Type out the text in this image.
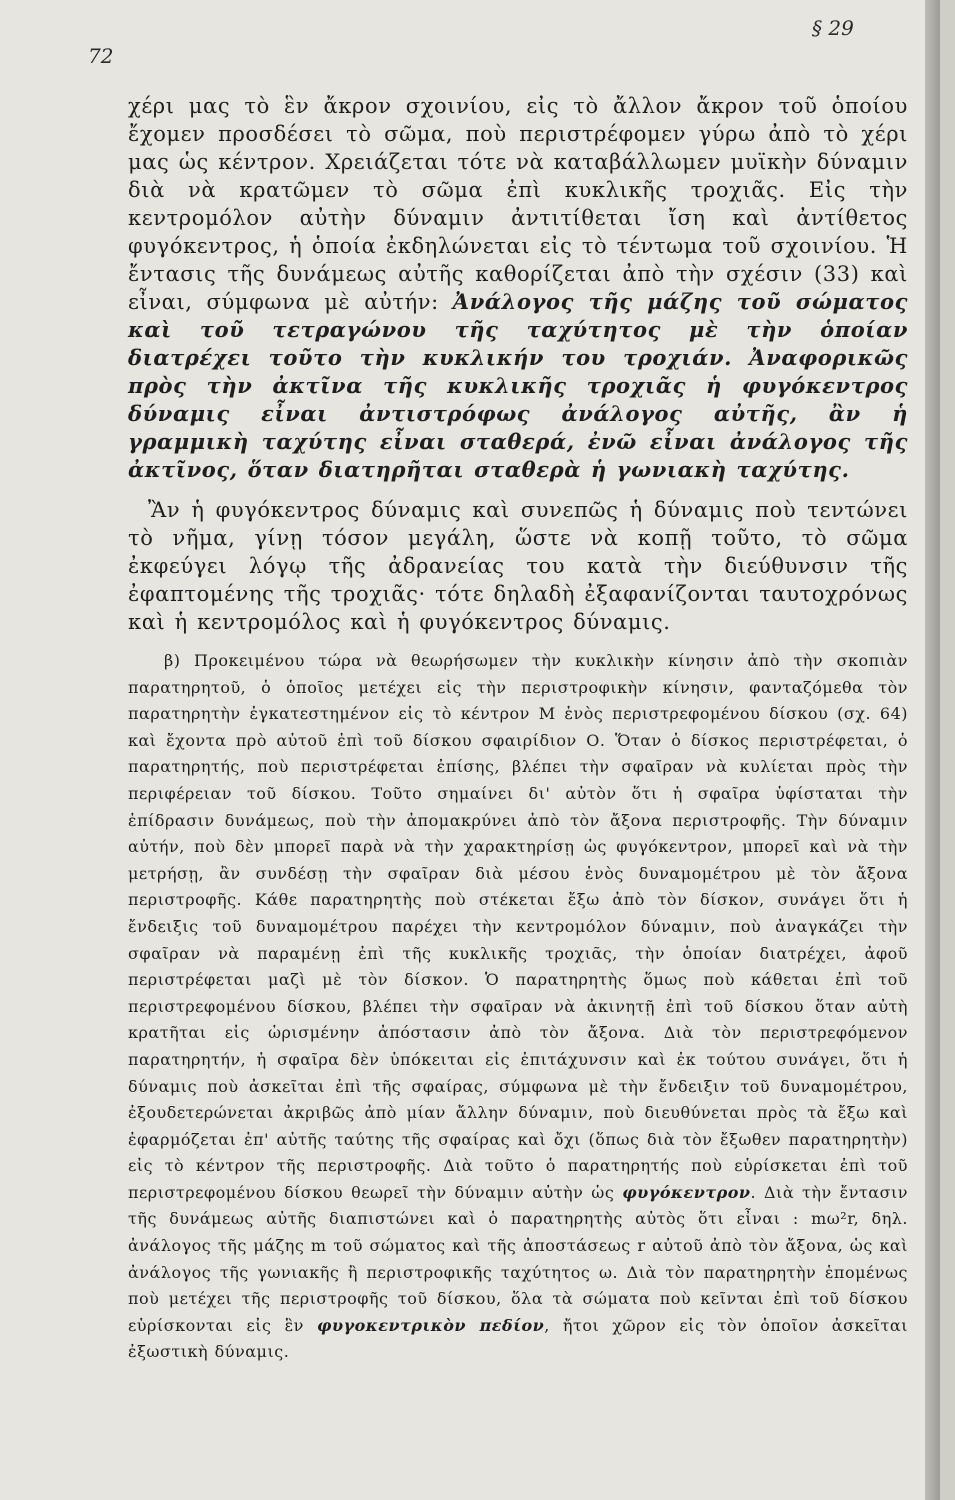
72
§ 29

χέρι μας τὸ ἓν ἄκρον σχοινίου, εἰς τὸ ἄλλον ἄκρον τοῦ ὁποίου ἔχομεν προσδέσει τὸ σῶμα, ποὺ περιστρέφομεν γύρω ἀπὸ τὸ χέρι μας ὡς κέντρον. Χρειάζεται τότε νὰ καταβάλλωμεν μυϊκὴν δύναμιν διὰ νὰ κρατῶμεν τὸ σῶμα ἐπὶ κυκλικῆς τροχιᾶς. Εἰς τὴν κεντρομόλον αὐτὴν δύναμιν ἀντιτίθεται ἴση καὶ ἀντίθετος φυγόκεντρος, ἡ ὁποία ἐκδηλώνεται εἰς τὸ τέντωμα τοῦ σχοινίου. Ἡ ἔντασις τῆς δυνάμεως αὐτῆς καθορίζεται ἀπὸ τὴν σχέσιν (33) καὶ εἶναι, σύμφωνα μὲ αὐτήν: Ἀνάλογος τῆς μάζης τοῦ σώματος καὶ τοῦ τετραγώνου τῆς ταχύτητος μὲ τὴν ὁποίαν διατρέχει τοῦτο τὴν κυκλικήν του τροχιάν. Ἀναφορικῶς πρὸς τὴν ἀκτῖνα τῆς κυκλικῆς τροχιᾶς ἡ φυγόκεντρος δύναμις εἶναι ἀντιστρόφως ἀνάλογος αὐτῆς, ἂν ἡ γραμμικὴ ταχύτης εἶναι σταθερά, ἐνῶ εἶναι ἀνάλογος τῆς ἀκτῖνος, ὅταν διατηρῆται σταθερὰ ἡ γωνιακὴ ταχύτης.

Ἂν ἡ φυγόκεντρος δύναμις καὶ συνεπῶς ἡ δύναμις ποὺ τεντώνει τὸ νῆμα, γίνῃ τόσον μεγάλη, ὥστε νὰ κοπῇ τοῦτο, τὸ σῶμα ἐκφεύγει λόγῳ τῆς ἀδρανείας του κατὰ τὴν διεύθυνσιν τῆς ἐφαπτομένης τῆς τροχιᾶς· τότε δηλαδὴ ἐξαφανίζονται ταυτοχρόνως καὶ ἡ κεντρομόλος καὶ ἡ φυγόκεντρος δύναμις.

β) Προκειμένου τώρα νὰ θεωρήσωμεν τὴν κυκλικὴν κίνησιν ἀπὸ τὴν σκοπιὰν παρατηρητοῦ, ὁ ὁποῖος μετέχει εἰς τὴν περιστροφικὴν κίνησιν, φανταζόμεθα τὸν παρατηρητὴν ἐγκατεστημένον εἰς τὸ κέντρον Μ ἑνὸς περιστρεφομένου δίσκου (σχ. 64) καὶ ἔχοντα πρὸ αὐτοῦ ἐπὶ τοῦ δίσκου σφαιρίδιον Ο. Ὅταν ὁ δίσκος περιστρέφεται, ὁ παρατηρητής, ποὺ περιστρέφεται ἐπίσης, βλέπει τὴν σφαῖραν νὰ κυλίεται πρὸς τὴν περιφέρειαν τοῦ δίσκου. Τοῦτο σημαίνει δι' αὐτὸν ὅτι ἡ σφαῖρα ὑφίσταται τὴν ἐπίδρασιν δυνάμεως, ποὺ τὴν ἀπομακρύνει ἀπὸ τὸν ἄξονα περιστροφῆς. Τὴν δύναμιν αὐτήν, ποὺ δὲν μπορεῖ παρὰ νὰ τὴν χαρακτηρίσῃ ὡς φυγόκεντρον, μπορεῖ καὶ νὰ τὴν μετρήσῃ, ἂν συνδέσῃ τὴν σφαῖραν διὰ μέσου ἑνὸς δυναμομέτρου μὲ τὸν ἄξονα περιστροφῆς. Κάθε παρατηρητὴς ποὺ στέκεται ἔξω ἀπὸ τὸν δίσκον, συνάγει ὅτι ἡ ἔνδειξις τοῦ δυναμομέτρου παρέχει τὴν κεντρομόλον δύναμιν, ποὺ ἀναγκάζει τὴν σφαῖραν νὰ παραμένῃ ἐπὶ τῆς κυκλικῆς τροχιᾶς, τὴν ὁποίαν διατρέχει, ἀφοῦ περιστρέφεται μαζὶ μὲ τὸν δίσκον. Ὁ παρατηρητὴς ὅμως ποὺ κάθεται ἐπὶ τοῦ περιστρεφομένου δίσκου, βλέπει τὴν σφαῖραν νὰ ἀκινητῇ ἐπὶ τοῦ δίσκου ὅταν αὐτὴ κρατῆται εἰς ὡρισμένην ἀπόστασιν ἀπὸ τὸν ἄξονα. Διὰ τὸν περιστρεφόμενον παρατηρητήν, ἡ σφαῖρα δὲν ὑπόκειται εἰς ἐπιτάχυνσιν καὶ ἐκ τούτου συνάγει, ὅτι ἡ δύναμις ποὺ ἀσκεῖται ἐπὶ τῆς σφαίρας, σύμφωνα μὲ τὴν ἔνδειξιν τοῦ δυναμομέτρου, ἐξουδετερώνεται ἀκριβῶς ἀπὸ μίαν ἄλλην δύναμιν, ποὺ διευθύνεται πρὸς τὰ ἔξω καὶ ἐφαρμόζεται ἐπ' αὐτῆς ταύτης τῆς σφαίρας καὶ ὄχι (ὅπως διὰ τὸν ἔξωθεν παρατηρητὴν) εἰς τὸ κέντρον τῆς περιστροφῆς. Διὰ τοῦτο ὁ παρατηρητής ποὺ εὑρίσκεται ἐπὶ τοῦ περιστρεφομένου δίσκου θεωρεῖ τὴν δύναμιν αὐτὴν ὡς φυγόκεντρον. Διὰ τὴν ἔντασιν τῆς δυνάμεως αὐτῆς διαπιστώνει καὶ ὁ παρατηρητὴς αὐτὸς ὅτι εἶναι : mω²r, δηλ. ἀνάλογος τῆς μάζης m τοῦ σώματος καὶ τῆς ἀποστάσεως r αὐτοῦ ἀπὸ τὸν ἄξονα, ὡς καὶ ἀνάλογος τῆς γωνιακῆς ἢ περιστροφικῆς ταχύτητος ω. Διὰ τὸν παρατηρητὴν ἑπομένως ποὺ μετέχει τῆς περιστροφῆς τοῦ δίσκου, ὅλα τὰ σώματα ποὺ κεῖνται ἐπὶ τοῦ δίσκου εὑρίσκονται εἰς ἓν φυγοκεντρικὸν πεδίον, ἤτοι χῶρον εἰς τὸν ὁποῖον ἀσκεῖται ἐξωστικὴ δύναμις.
